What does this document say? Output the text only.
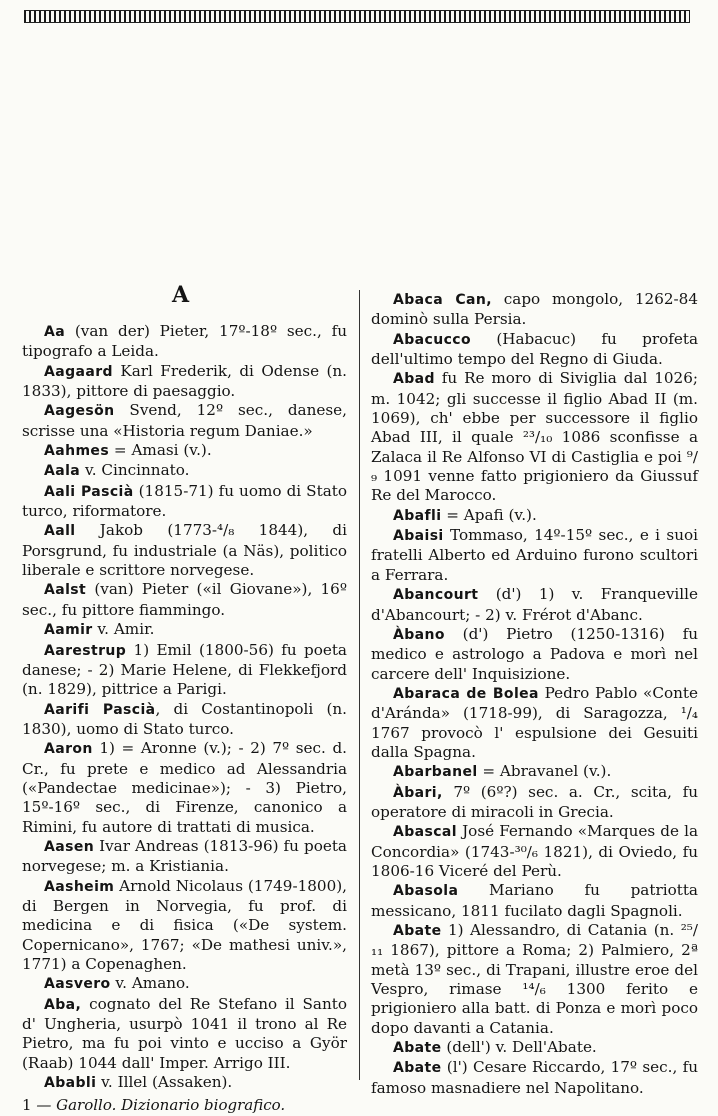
A

Aa (van der) Pieter, 17º-18º sec., fu tipografo a Leida.

Aagaard Karl Frederik, di Odense (n. 1833), pittore di paesaggio.

Aagesön Svend, 12º sec., danese, scrisse una «Historia regum Daniae.»

Aahmes = Amasi (v.).

Aala v. Cincinnato.

Aali Pascià (1815-71) fu uomo di Stato turco, riformatore.

Aall Jakob (1773-⁴/₈ 1844), di Porsgrund, fu industriale (a Näs), politico liberale e scrittore norvegese.

Aalst (van) Pieter («il Giovane»), 16º sec., fu pittore fiammingo.

Aamir v. Amir.

Aarestrup 1) Emil (1800-56) fu poeta danese; - 2) Marie Helene, di Flekkefjord (n. 1829), pittrice a Parigi.

Aarifi Pascià, di Costantinopoli (n. 1830), uomo di Stato turco.

Aaron 1) = Aronne (v.); - 2) 7º sec. d. Cr., fu prete e medico ad Alessandria («Pandectae medicinae»); - 3) Pietro, 15º-16º sec., di Firenze, canonico a Rimini, fu autore di trattati di musica.

Aasen Ivar Andreas (1813-96) fu poeta norvegese; m. a Kristiania.

Aasheim Arnold Nicolaus (1749-1800), di Bergen in Norvegia, fu prof. di medicina e di fisica («De system. Copernicano», 1767; «De mathesi univ.», 1771) a Copenaghen.

Aasvero v. Amano.

Aba, cognato del Re Stefano il Santo d' Ungheria, usurpò 1041 il trono al Re Pietro, ma fu poi vinto e ucciso a Györ (Raab) 1044 dall' Imper. Arrigo III.

Ababli v. Illel (Assaken).

Abaca Can, capo mongolo, 1262-84 dominò sulla Persia.

Abacucco (Habacuc) fu profeta dell'ultimo tempo del Regno di Giuda.

Abad fu Re moro di Siviglia dal 1026; m. 1042; gli successe il figlio Abad II (m. 1069), ch' ebbe per successore il figlio Abad III, il quale ²³/₁₀ 1086 sconfisse a Zalaca il Re Alfonso VI di Castiglia e poi ⁹/₉ 1091 venne fatto prigioniero da Giussuf Re del Marocco.

Abafli = Apafi (v.).

Abaisi Tommaso, 14º-15º sec., e i suoi fratelli Alberto ed Arduino furono scultori a Ferrara.

Abancourt (d') 1) v. Franqueville d'Abancourt; - 2) v. Frérot d'Abanc.

Àbano (d') Pietro (1250-1316) fu medico e astrologo a Padova e morì nel carcere dell' Inquisizione.

Abaraca de Bolea Pedro Pablo «Conte d'Arándа» (1718-99), di Saragozza, ¹/₄ 1767 provocò l' espulsione dei Gesuiti dalla Spagna.

Abarbanel = Abravanel (v.).

Àbari, 7º (6º?) sec. a. Cr., scita, fu operatore di miracoli in Grecia.

Abascal José Fernando «Marques de la Concordia» (1743-³⁰/₆ 1821), di Oviedo, fu 1806-16 Viceré del Perù.

Abasola Mariano fu patriotta messicano, 1811 fucilato dagli Spagnoli.

Abate 1) Alessandro, di Catania (n. ²⁵/₁₁ 1867), pittore a Roma; 2) Palmiero, 2ª metà 13º sec., di Trapani, illustre eroe del Vespro, rimase ¹⁴/₆ 1300 ferito e prigioniero alla batt. di Ponza e morì poco dopo davanti a Catania.

Abate (dell') v. Dell'Abate.

Abate (l') Cesare Riccardo, 17º sec., fu famoso masnadiere nel Napolitano.

1 — Garollo. Dizionario biografico.
